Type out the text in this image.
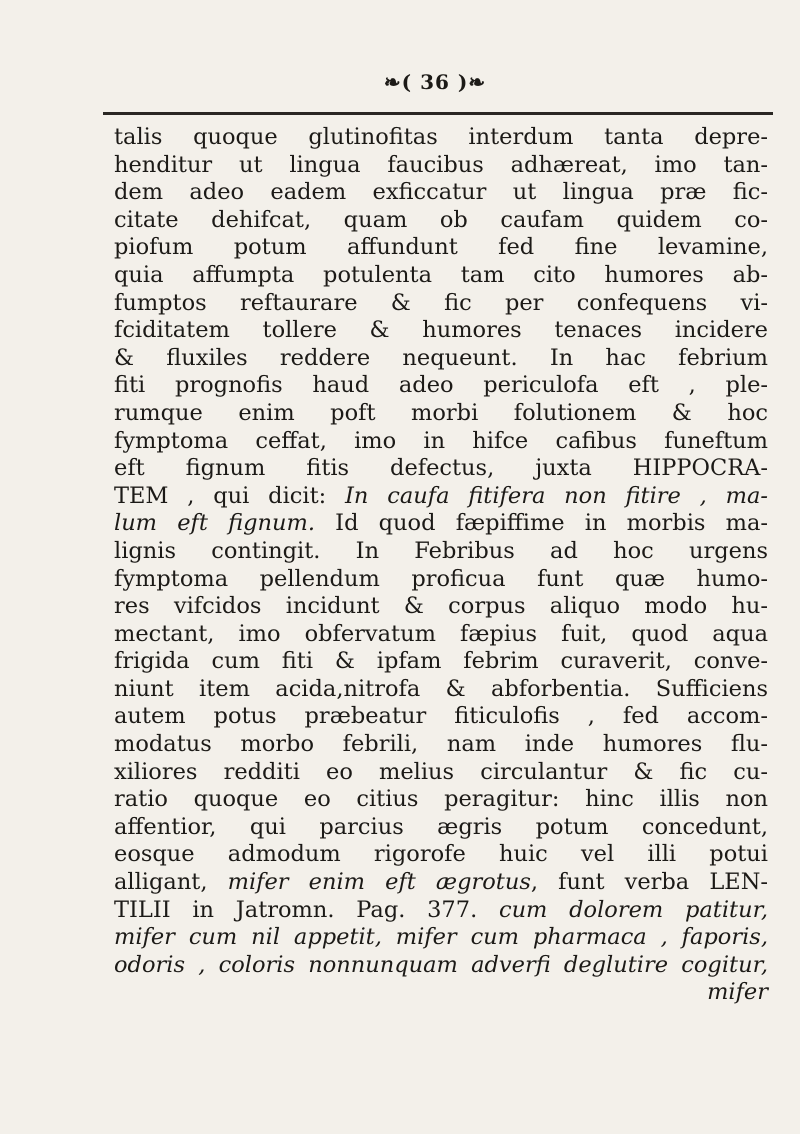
❧( 36 )❧
talis quoque glutinofitas interdum tanta depre-
henditur ut lingua faucibus adhæreat, imo tan-
dem adeo eadem exficcatur ut lingua præ fic-
citate dehifcat, quam ob caufam quidem co-
piofum potum affundunt fed fine levamine,
quia affumpta potulenta tam cito humores ab-
fumptos reftaurare & fic per confequens vi-
fciditatem tollere & humores tenaces incidere
& fluxiles reddere nequeunt. In hac febrium
fiti prognofis haud adeo periculofa eft , ple-
rumque enim poft morbi folutionem & hoc
fymptoma ceffat, imo in hifce cafibus funeftum
eft fignum fitis defectus, juxta HIPPOCRA-
TEM , qui dicit: In caufa fitifera non fitire , ma-
lum eft fignum. Id quod fæpiffime in morbis ma-
lignis contingit. In Febribus ad hoc urgens
fymptoma pellendum proficua funt quæ humo-
res vifcidos incidunt & corpus aliquo modo hu-
mectant, imo obfervatum fæpius fuit, quod aqua
frigida cum fiti & ipfam febrim curaverit, conve-
niunt item acida,nitrofa & abforbentia. Sufficiens
autem potus præbeatur fiticulofis , fed accom-
modatus morbo febrili, nam inde humores flu-
xiliores redditi eo melius circulantur & fic cu-
ratio quoque eo citius peragitur: hinc illis non
affentior, qui parcius ægris potum concedunt,
eosque admodum rigorofe huic vel illi potui
alligant, mifer enim eft ægrotus, funt verba LEN-
TILII in Jatromn. Pag. 377. cum dolorem patitur,
mifer cum nil appetit, mifer cum pharmaca , faporis,
odoris , coloris nonnunquam adverfi deglutire cogitur,
mifer
